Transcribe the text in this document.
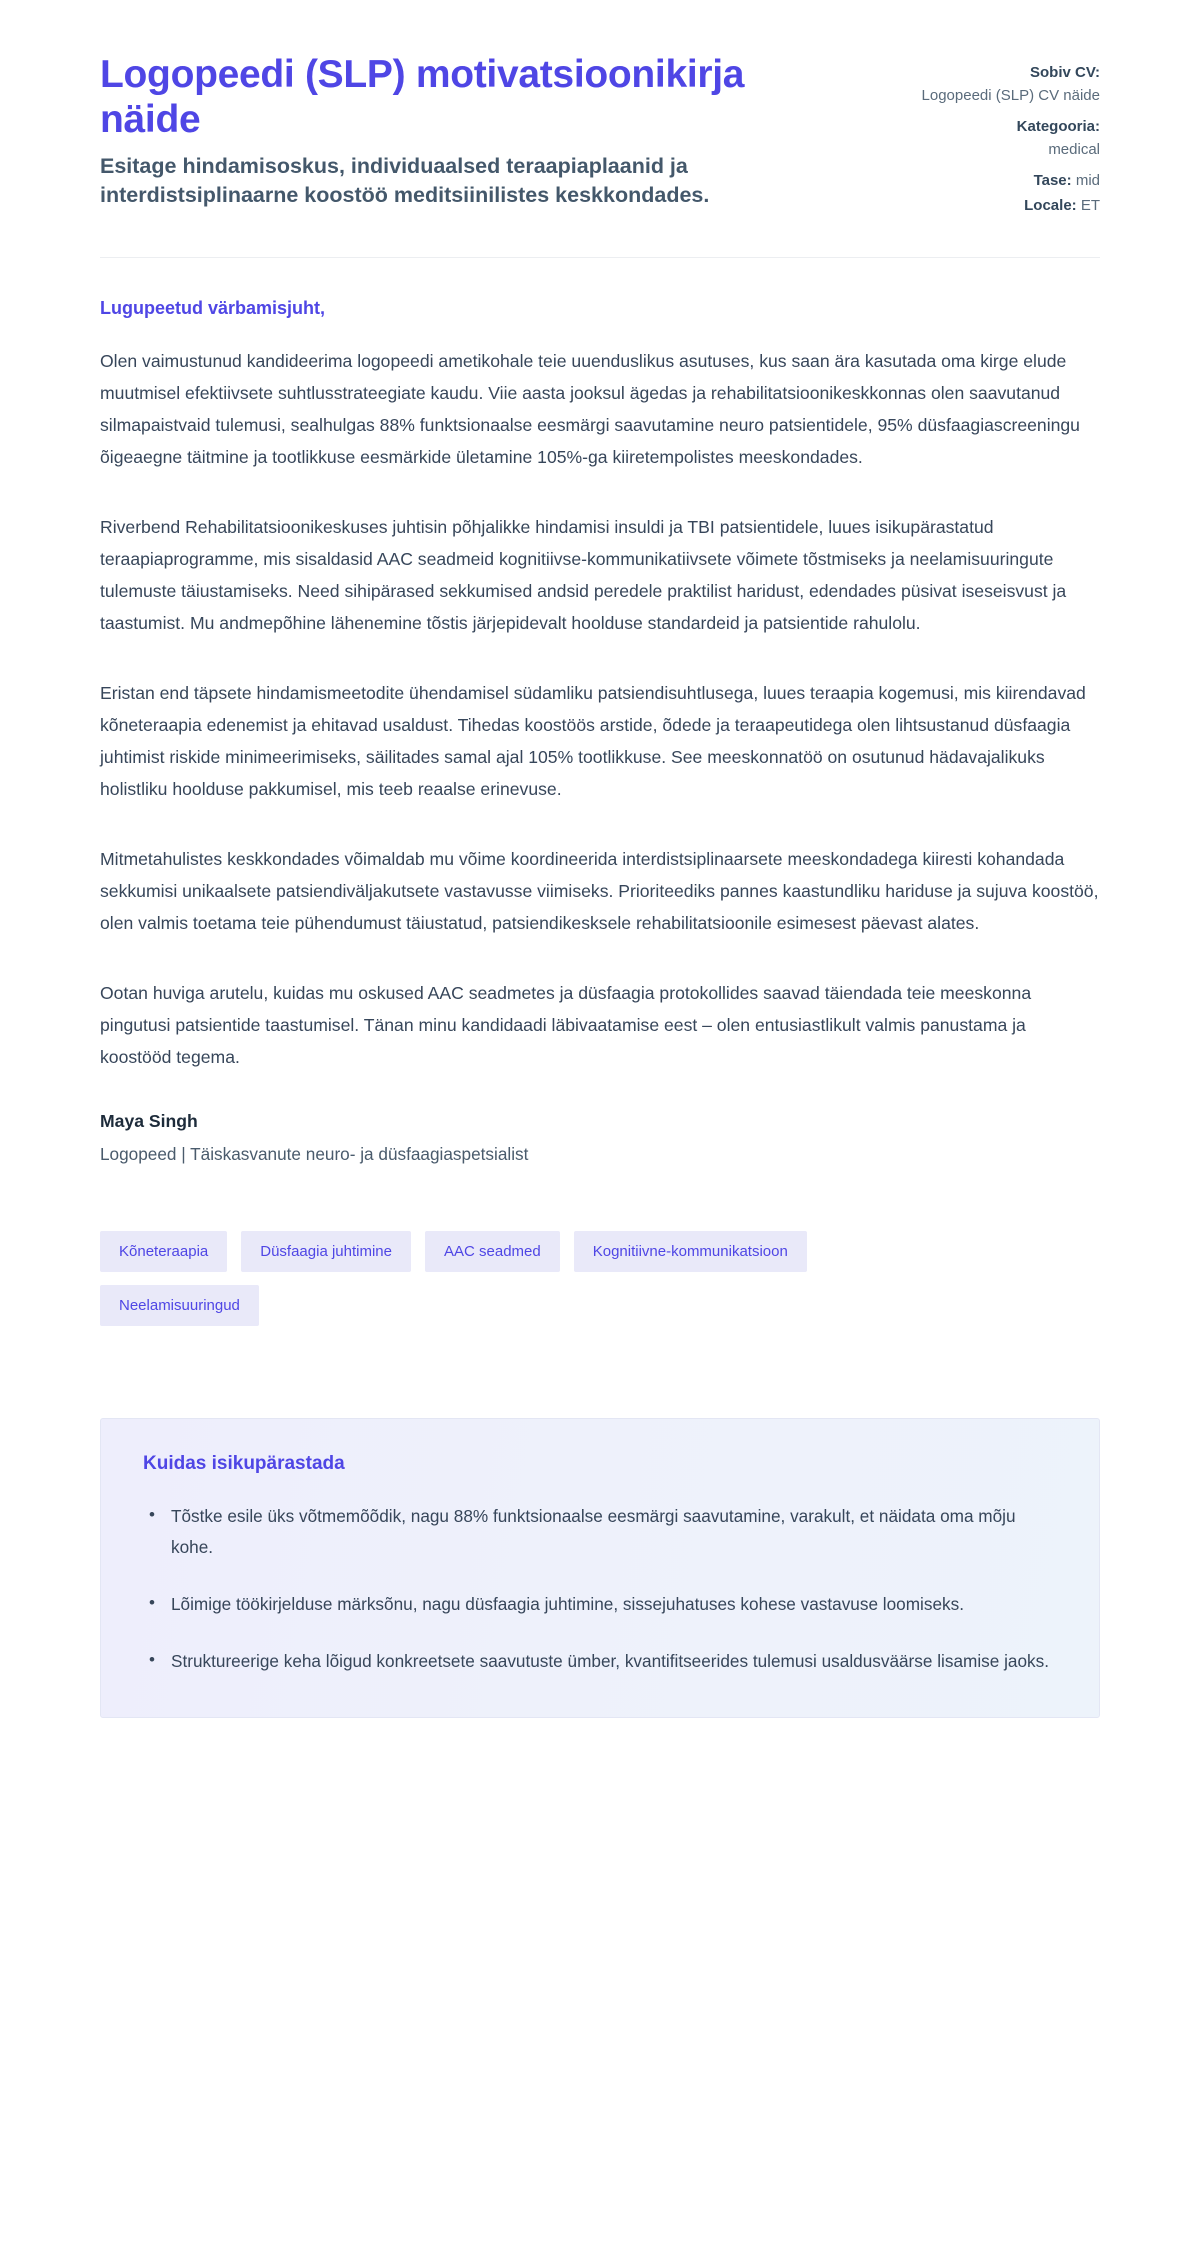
Logopeedi (SLP) motivatsioonikirja näide

Esitage hindamisoskus, individuaalsed teraapiaplaanid ja interdistsiplinaarne koostöö meditsiinilistes keskkondades.

Sobiv CV:
Logopeedi (SLP) CV näide
Kategooria:
medical
Tase: mid
Locale: ET

Lugupeetud värbamisjuht,

Olen vaimustunud kandideerima logopeedi ametikohale teie uuenduslikus asutuses, kus saan ära kasutada oma kirge elude muutmisel efektiivsete suhtlusstrateegiate kaudu. Viie aasta jooksul ägedas ja rehabilitatsioonikeskkonnas olen saavutanud silmapaistvaid tulemusi, sealhulgas 88% funktsionaalse eesmärgi saavutamine neuro patsientidele, 95% düsfaagiascreeningu õigeaegne täitmine ja tootlikkuse eesmärkide ületamine 105%-ga kiiretempolistes meeskondades.

Riverbend Rehabilitatsioonikeskuses juhtisin põhjalikke hindamisi insuldi ja TBI patsientidele, luues isikupärastatud teraapiaprogramme, mis sisaldasid AAC seadmeid kognitiivse-kommunikatiivsete võimete tõstmiseks ja neelamisuuringute tulemuste täiustamiseks. Need sihipärased sekkumised andsid peredele praktilist haridust, edendades püsivat iseseisvust ja taastumist. Mu andmepõhine lähenemine tõstis järjepidevalt hoolduse standardeid ja patsientide rahulolu.

Eristan end täpsete hindamismeetodite ühendamisel südamliku patsiendisuhtlusega, luues teraapia kogemusi, mis kiirendavad kõneteraapia edenemist ja ehitavad usaldust. Tihedas koostöös arstide, õdede ja teraapeutidega olen lihtsustanud düsfaagia juhtimist riskide minimeerimiseks, säilitades samal ajal 105% tootlikkuse. See meeskonnatöö on osutunud hädavajalikuks holistliku hoolduse pakkumisel, mis teeb reaalse erinevuse.

Mitmetahulistes keskkondades võimaldab mu võime koordineerida interdistsiplinaarsete meeskondadega kiiresti kohandada sekkumisi unikaalsete patsiendiväljakutsete vastavusse viimiseks. Prioriteediks pannes kaastundliku hariduse ja sujuva koostöö, olen valmis toetama teie pühendumust täiustatud, patsiendikesksele rehabilitatsioonile esimesest päevast alates.

Ootan huviga arutelu, kuidas mu oskused AAC seadmetes ja düsfaagia protokollides saavad täiendada teie meeskonna pingutusi patsientide taastumisel. Tänan minu kandidaadi läbivaatamise eest – olen entusiastlikult valmis panustama ja koostööd tegema.

Maya Singh

Logopeed | Täiskasvanute neuro- ja düsfaagiaspetsialist

Kõneteraapia	Düsfaagia juhtimine	AAC seadmed	Kognitiivne-kommunikatsioon
Neelamisuuringud
Kuidas isikupärastada
• Tõstke esile üks võtmemõõdik, nagu 88% funktsionaalse eesmärgi saavutamine, varakult, et näidata oma mõju kohe.
• Lõimige töökirjelduse märksõnu, nagu düsfaagia juhtimine, sissejuhatuses kohese vastavuse loomiseks.
• Struktureerige keha lõigud konkreetsete saavutuste ümber, kvantifitseerides tulemusi usaldusväärse lisamise jaoks.
